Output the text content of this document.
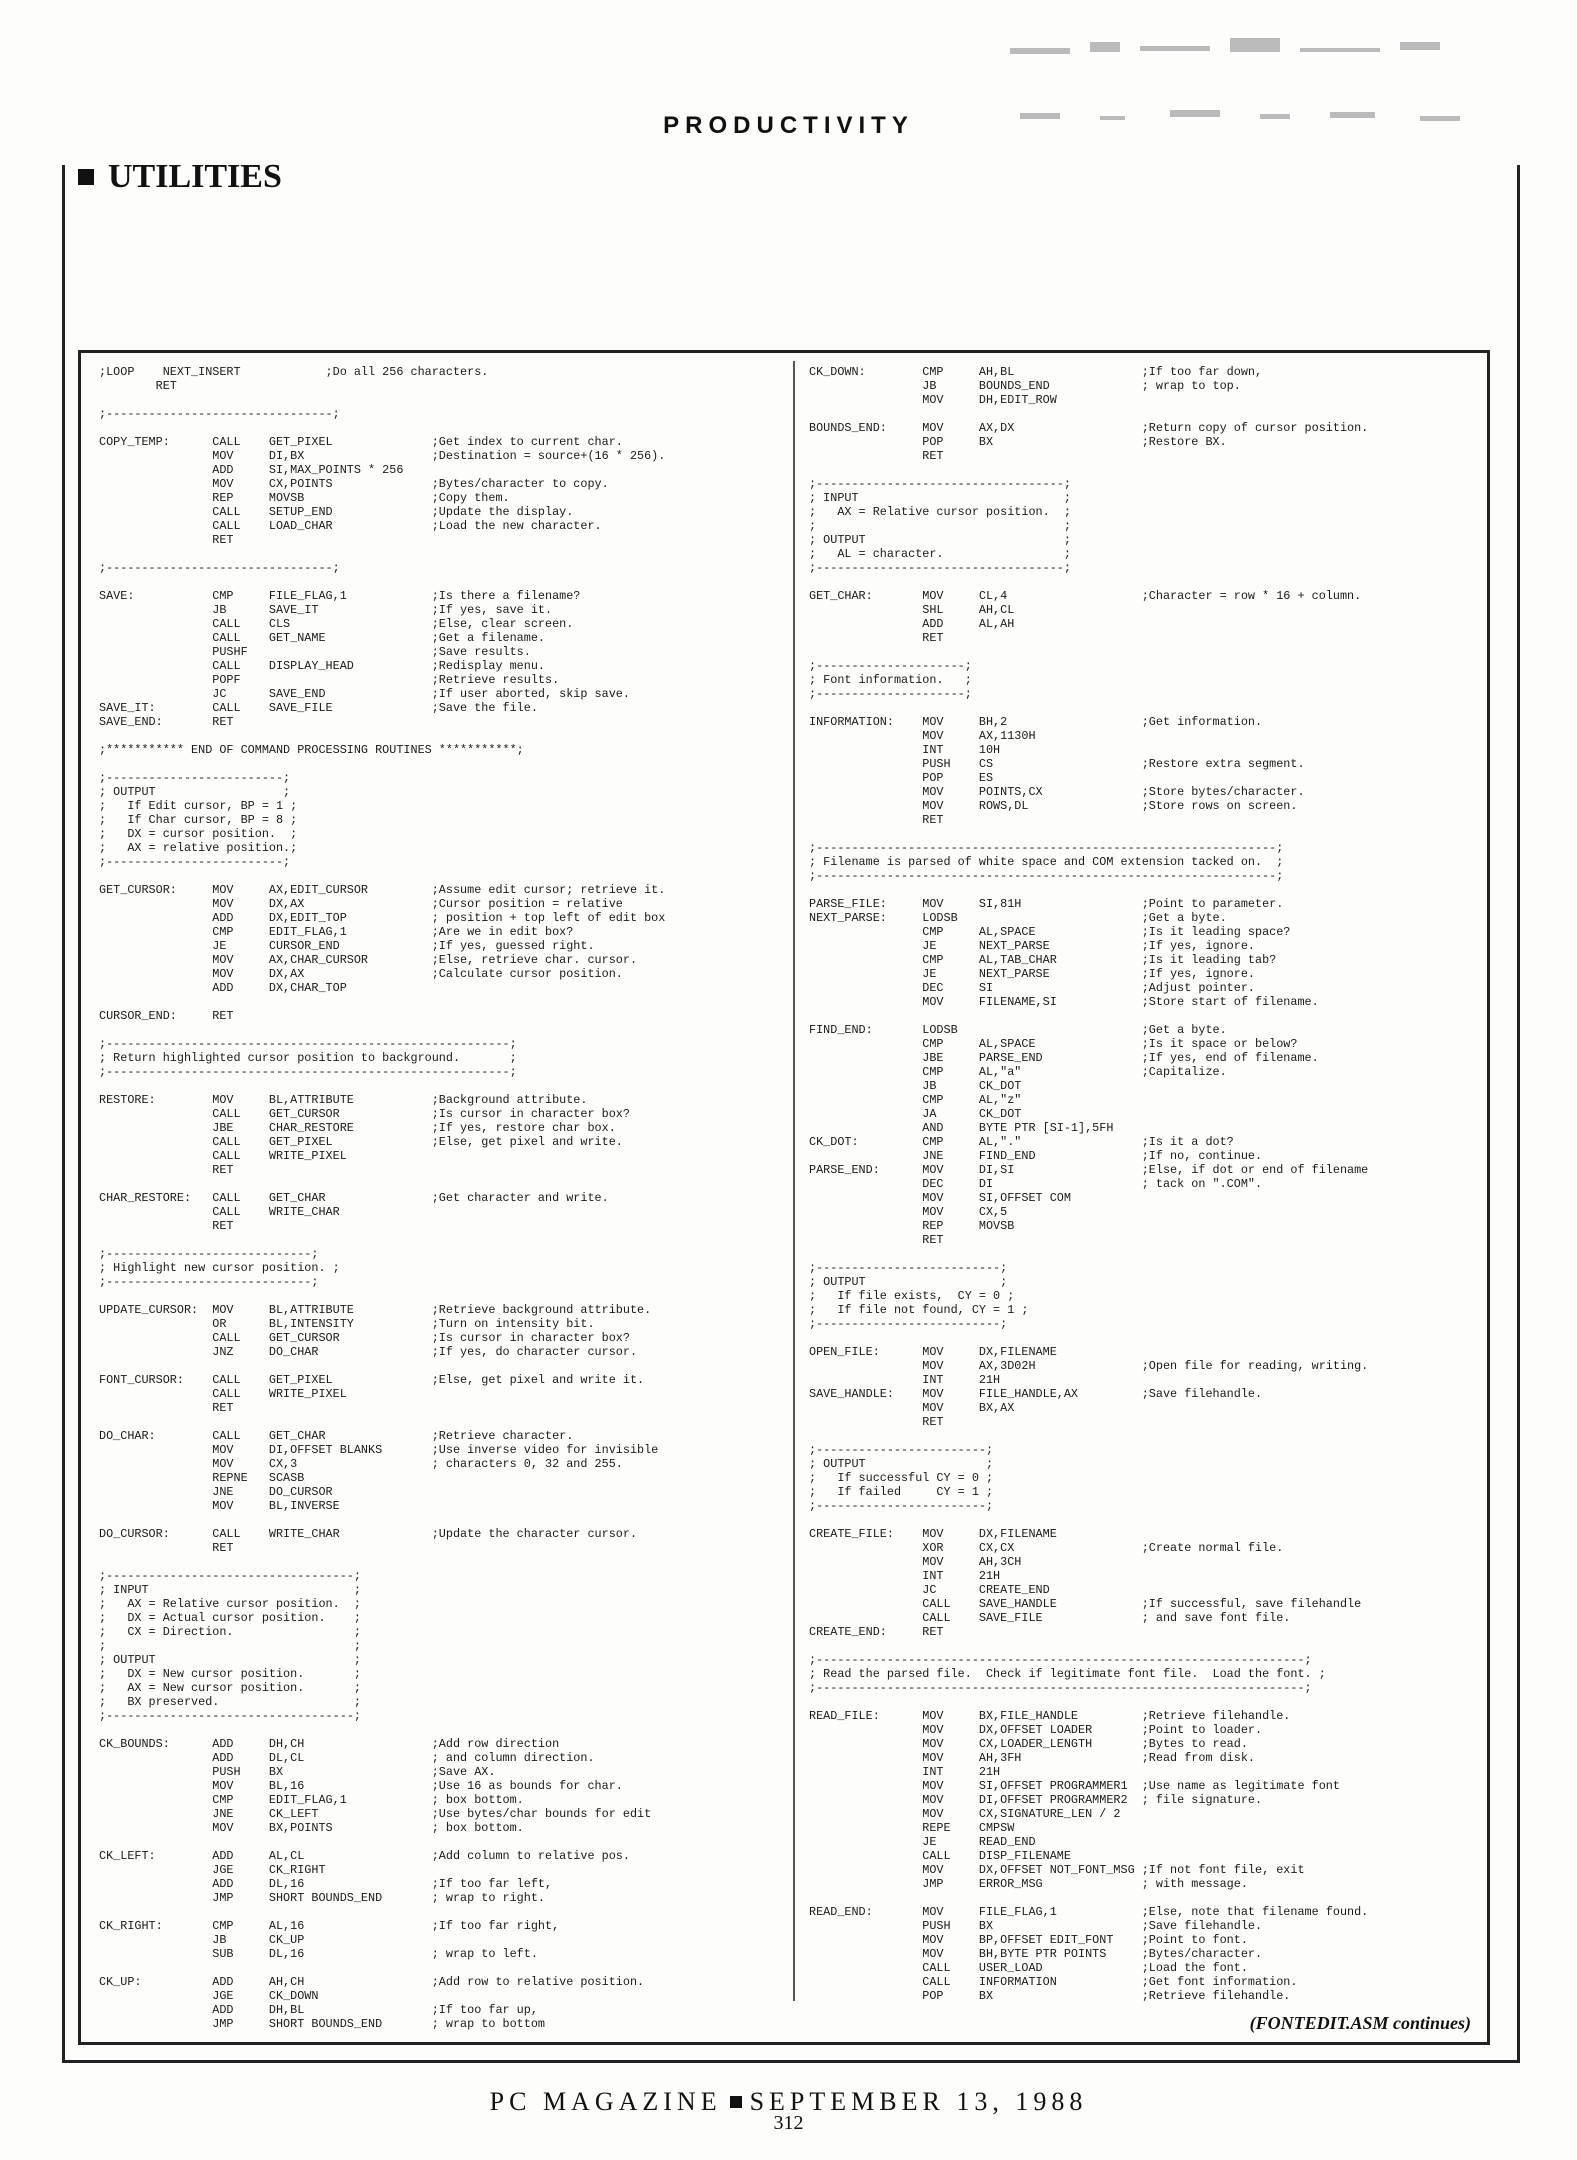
PRODUCTIVITY
UTILITIES
;LOOP    NEXT_INSERT            ;Do all 256 characters.
RET

;--------------------------------;

COPY_TEMP:      CALL    GET_PIXEL              ;Get index to current char.
MOV     DI,BX                  ;Destination = source+(16 * 256).
ADD     SI,MAX_POINTS * 256
MOV     CX,POINTS              ;Bytes/character to copy.
REP     MOVSB                  ;Copy them.
CALL    SETUP_END              ;Update the display.
CALL    LOAD_CHAR              ;Load the new character.
RET

;--------------------------------;

SAVE:           CMP     FILE_FLAG,1            ;Is there a filename?
JB      SAVE_IT                ;If yes, save it.
CALL    CLS                    ;Else, clear screen.
CALL    GET_NAME               ;Get a filename.
PUSHF                          ;Save results.
CALL    DISPLAY_HEAD           ;Redisplay menu.
POPF                           ;Retrieve results.
JC      SAVE_END               ;If user aborted, skip save.
SAVE_IT:        CALL    SAVE_FILE              ;Save the file.
SAVE_END:       RET

;*********** END OF COMMAND PROCESSING ROUTINES ***********;

;-------------------------;
; OUTPUT                  ;
;   If Edit cursor, BP = 1 ;
;   If Char cursor, BP = 8 ;
;   DX = cursor position.  ;
;   AX = relative position.;
;-------------------------;

GET_CURSOR:     MOV     AX,EDIT_CURSOR         ;Assume edit cursor; retrieve it.
MOV     DX,AX                  ;Cursor position = relative
ADD     DX,EDIT_TOP            ; position + top left of edit box
CMP     EDIT_FLAG,1            ;Are we in edit box?
JE      CURSOR_END             ;If yes, guessed right.
MOV     AX,CHAR_CURSOR         ;Else, retrieve char. cursor.
MOV     DX,AX                  ;Calculate cursor position.
ADD     DX,CHAR_TOP

CURSOR_END:     RET

;---------------------------------------------------------;
; Return highlighted cursor position to background.       ;
;---------------------------------------------------------;

RESTORE:        MOV     BL,ATTRIBUTE           ;Background attribute.
CALL    GET_CURSOR             ;Is cursor in character box?
JBE     CHAR_RESTORE           ;If yes, restore char box.
CALL    GET_PIXEL              ;Else, get pixel and write.
CALL    WRITE_PIXEL
RET

CHAR_RESTORE:   CALL    GET_CHAR               ;Get character and write.
CALL    WRITE_CHAR
RET

;-----------------------------;
; Highlight new cursor position. ;
;-----------------------------;

UPDATE_CURSOR:  MOV     BL,ATTRIBUTE           ;Retrieve background attribute.
OR      BL,INTENSITY           ;Turn on intensity bit.
CALL    GET_CURSOR             ;Is cursor in character box?
JNZ     DO_CHAR                ;If yes, do character cursor.

FONT_CURSOR:    CALL    GET_PIXEL              ;Else, get pixel and write it.
CALL    WRITE_PIXEL
RET

DO_CHAR:        CALL    GET_CHAR               ;Retrieve character.
MOV     DI,OFFSET BLANKS       ;Use inverse video for invisible
MOV     CX,3                   ; characters 0, 32 and 255.
REPNE   SCASB
JNE     DO_CURSOR
MOV     BL,INVERSE

DO_CURSOR:      CALL    WRITE_CHAR             ;Update the character cursor.
RET

;-----------------------------------;
; INPUT                             ;
;   AX = Relative cursor position.  ;
;   DX = Actual cursor position.    ;
;   CX = Direction.                 ;
;                                   ;
; OUTPUT                            ;
;   DX = New cursor position.       ;
;   AX = New cursor position.       ;
;   BX preserved.                   ;
;-----------------------------------;

CK_BOUNDS:      ADD     DH,CH                  ;Add row direction
ADD     DL,CL                  ; and column direction.
PUSH    BX                     ;Save AX.
MOV     BL,16                  ;Use 16 as bounds for char.
CMP     EDIT_FLAG,1            ; box bottom.
JNE     CK_LEFT                ;Use bytes/char bounds for edit
MOV     BX,POINTS              ; box bottom.

CK_LEFT:        ADD     AL,CL                  ;Add column to relative pos.
JGE     CK_RIGHT
ADD     DL,16                  ;If too far left,
JMP     SHORT BOUNDS_END       ; wrap to right.

CK_RIGHT:       CMP     AL,16                  ;If too far right,
JB      CK_UP
SUB     DL,16                  ; wrap to left.

CK_UP:          ADD     AH,CH                  ;Add row to relative position.
JGE     CK_DOWN
ADD     DH,BL                  ;If too far up,
JMP     SHORT BOUNDS_END       ; wrap to bottom
CK_DOWN:        CMP     AH,BL                  ;If too far down,
JB      BOUNDS_END             ; wrap to top.
MOV     DH,EDIT_ROW

BOUNDS_END:     MOV     AX,DX                  ;Return copy of cursor position.
POP     BX                     ;Restore BX.
RET

;-----------------------------------;
; INPUT                             ;
;   AX = Relative cursor position.  ;
;                                   ;
; OUTPUT                            ;
;   AL = character.                 ;
;-----------------------------------;

GET_CHAR:       MOV     CL,4                   ;Character = row * 16 + column.
SHL     AH,CL
ADD     AL,AH
RET

;---------------------;
; Font information.   ;
;---------------------;

INFORMATION:    MOV     BH,2                   ;Get information.
MOV     AX,1130H
INT     10H
PUSH    CS                     ;Restore extra segment.
POP     ES
MOV     POINTS,CX              ;Store bytes/character.
MOV     ROWS,DL                ;Store rows on screen.
RET

;-----------------------------------------------------------------;
; Filename is parsed of white space and COM extension tacked on.  ;
;-----------------------------------------------------------------;

PARSE_FILE:     MOV     SI,81H                 ;Point to parameter.
NEXT_PARSE:     LODSB                          ;Get a byte.
CMP     AL,SPACE               ;Is it leading space?
JE      NEXT_PARSE             ;If yes, ignore.
CMP     AL,TAB_CHAR            ;Is it leading tab?
JE      NEXT_PARSE             ;If yes, ignore.
DEC     SI                     ;Adjust pointer.
MOV     FILENAME,SI            ;Store start of filename.

FIND_END:       LODSB                          ;Get a byte.
CMP     AL,SPACE               ;Is it space or below?
JBE     PARSE_END              ;If yes, end of filename.
CMP     AL,"a"                 ;Capitalize.
JB      CK_DOT
CMP     AL,"z"
JA      CK_DOT
AND     BYTE PTR [SI-1],5FH
CK_DOT:         CMP     AL,"."                 ;Is it a dot?
JNE     FIND_END               ;If no, continue.
PARSE_END:      MOV     DI,SI                  ;Else, if dot or end of filename
DEC     DI                     ; tack on ".COM".
MOV     SI,OFFSET COM
MOV     CX,5
REP     MOVSB
RET

;--------------------------;
; OUTPUT                   ;
;   If file exists,  CY = 0 ;
;   If file not found, CY = 1 ;
;--------------------------;

OPEN_FILE:      MOV     DX,FILENAME
MOV     AX,3D02H               ;Open file for reading, writing.
INT     21H
SAVE_HANDLE:    MOV     FILE_HANDLE,AX         ;Save filehandle.
MOV     BX,AX
RET

;------------------------;
; OUTPUT                 ;
;   If successful CY = 0 ;
;   If failed     CY = 1 ;
;------------------------;

CREATE_FILE:    MOV     DX,FILENAME
XOR     CX,CX                  ;Create normal file.
MOV     AH,3CH
INT     21H
JC      CREATE_END
CALL    SAVE_HANDLE            ;If successful, save filehandle
CALL    SAVE_FILE              ; and save font file.
CREATE_END:     RET

;---------------------------------------------------------------------;
; Read the parsed file.  Check if legitimate font file.  Load the font. ;
;---------------------------------------------------------------------;

READ_FILE:      MOV     BX,FILE_HANDLE         ;Retrieve filehandle.
MOV     DX,OFFSET LOADER       ;Point to loader.
MOV     CX,LOADER_LENGTH       ;Bytes to read.
MOV     AH,3FH                 ;Read from disk.
INT     21H
MOV     SI,OFFSET PROGRAMMER1  ;Use name as legitimate font
MOV     DI,OFFSET PROGRAMMER2  ; file signature.
MOV     CX,SIGNATURE_LEN / 2
REPE    CMPSW
JE      READ_END
CALL    DISP_FILENAME
MOV     DX,OFFSET NOT_FONT_MSG ;If not font file, exit
JMP     ERROR_MSG              ; with message.

READ_END:       MOV     FILE_FLAG,1            ;Else, note that filename found.
PUSH    BX                     ;Save filehandle.
MOV     BP,OFFSET EDIT_FONT    ;Point to font.
MOV     BH,BYTE PTR POINTS     ;Bytes/character.
CALL    USER_LOAD              ;Load the font.
CALL    INFORMATION            ;Get font information.
POP     BX                     ;Retrieve filehandle.
(FONTEDIT.ASM continues)
PC MAGAZINE SEPTEMBER 13, 1988
312
